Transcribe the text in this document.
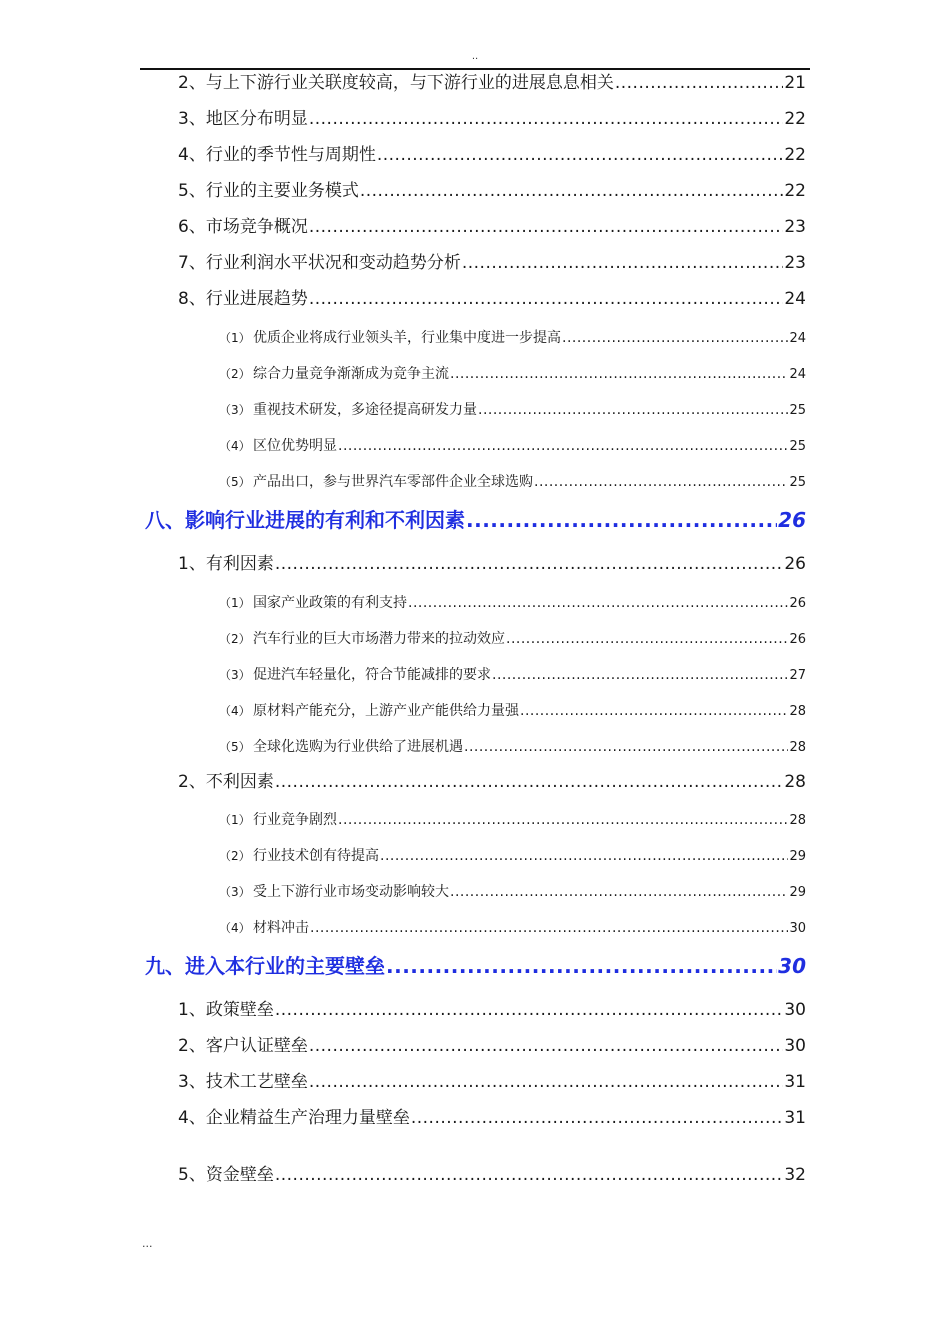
..
2、与上下游行业关联度较高，与下游行业的进展息息相关 .....	21
3、地区分布明显 .....	22
4、行业的季节性与周期性 .....	22
5、行业的主要业务模式 .....	22
6、市场竞争概况 .....	23
7、行业利润水平状况和变动趋势分析 .....	23
8、行业进展趋势 .....	24
（1） 优质企业将成行业领头羊，行业集中度进一步提高 .....	24
（2） 综合力量竞争渐渐成为竞争主流 .....	24
（3） 重视技术研发，多途径提高研发力量 .....	25
（4） 区位优势明显 .....	25
（5） 产品出口，参与世界汽车零部件企业全球选购 .....	25
八、影响行业进展的有利和不利因素 .....	26
1、有利因素 .....	26
（1） 国家产业政策的有利支持 .....	26
（2） 汽车行业的巨大市场潜力带来的拉动效应 .....	26
（3） 促进汽车轻量化，符合节能减排的要求 .....	27
（4） 原材料产能充分，上游产业产能供给力量强 .....	28
（5） 全球化选购为行业供给了进展机遇 .....	28
2、不利因素 .....	28
（1） 行业竞争剧烈 .....	28
（2） 行业技术创有待提高 .....	29
（3） 受上下游行业市场变动影响较大 .....	29
（4） 材料冲击 .....	30
九、进入本行业的主要壁垒 .....	30
1、政策壁垒 .....	30
2、客户认证壁垒 .....	30
3、技术工艺壁垒 .....	31
4、企业精益生产治理力量壁垒 .....	31
5、资金壁垒 .....	32
...
